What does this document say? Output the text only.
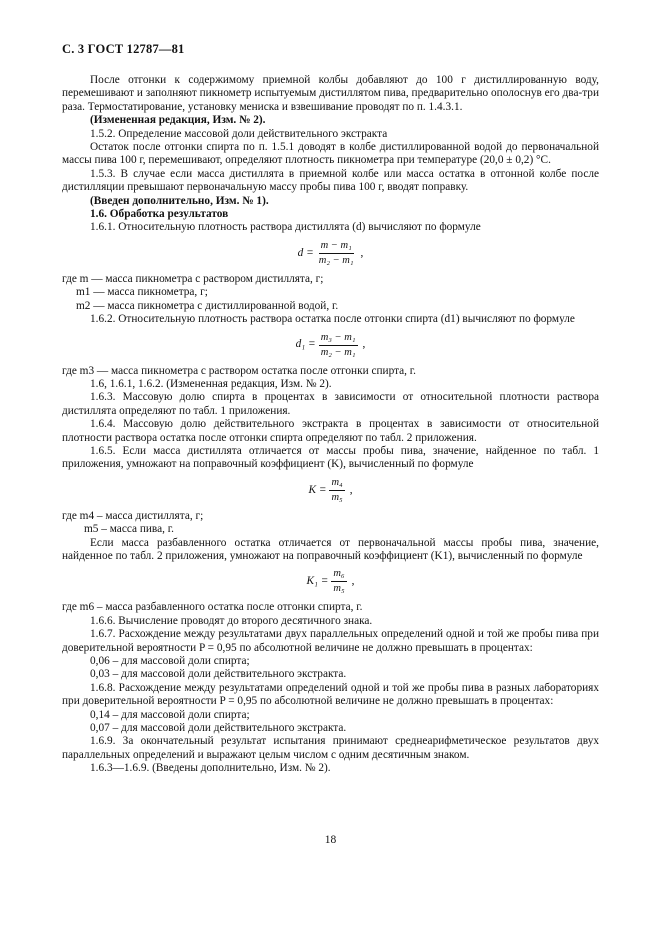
С. 3 ГОСТ 12787—81

После отгонки к содержимому приемной колбы добавляют до 100 г дистиллированную воду, перемешивают и заполняют пикнометр испытуемым дистиллятом пива, предварительно ополоснув его два-три раза. Термостатирование, установку мениска и взвешивание проводят по п. 1.4.3.1.

(Измененная редакция, Изм. № 2).

1.5.2. Определение массовой доли действительного экстракта

Остаток после отгонки спирта по п. 1.5.1 доводят в колбе дистиллированной водой до первоначальной массы пива 100 г, перемешивают, определяют плотность пикнометра при температуре (20,0 ± 0,2) °С.

1.5.3. В случае если масса дистиллята в приемной колбе или масса остатка в отгонной колбе после дистилляции превышают первоначальную массу пробы пива 100 г, вводят поправку.

(Введен дополнительно, Изм. № 1).

1.6. Обработка результатов

1.6.1. Относительную плотность раствора дистиллята (d) вычисляют по формуле

$d = \frac{\text{m − m₁}}{\text{m₂ − m₁}}$ ,

где m — масса пикнометра с раствором дистиллята, г;

m1 — масса пикнометра, г;

m2 — масса пикнометра с дистиллированной водой, г.

1.6.2. Относительную плотность раствора остатка после отгонки спирта (d1) вычисляют по формуле

$d_1 = \frac{\text{m₃ − m₁}}{\text{m₂ − m₁}}$ ,

где m3 — масса пикнометра с раствором остатка после отгонки спирта, г.

1.6, 1.6.1, 1.6.2. (Измененная редакция, Изм. № 2).

1.6.3. Массовую долю спирта в процентах в зависимости от относительной плотности раствора дистиллята определяют по табл. 1 приложения.

1.6.4. Массовую долю действительного экстракта в процентах в зависимости от относительной плотности раствора остатка после отгонки спирта определяют по табл. 2 приложения.

1.6.5. Если масса дистиллята отличается от массы пробы пива, значение, найденное по табл. 1 приложения, умножают на поправочный коэффициент (K), вычисленный по формуле

$K = \frac{\text{m₄}}{\text{m₅}}$ ,

где m4 – масса дистиллята, г;

m5 – масса пива, г.

Если масса разбавленного остатка отличается от первоначальной массы пробы пива, значение, найденное по табл. 2 приложения, умножают на поправочный коэффициент (K1), вычисленный по формуле

$K_1 = \frac{\text{m₆}}{\text{m₅}}$ ,

где m6 – масса разбавленного остатка после отгонки спирта, г.

1.6.6. Вычисление проводят до второго десятичного знака.

1.6.7. Расхождение между результатами двух параллельных определений одной и той же пробы пива при доверительной вероятности P = 0,95 по абсолютной величине не должно превышать в процентах:

0,06 – для массовой доли спирта;

0,03 – для массовой доли действительного экстракта.

1.6.8. Расхождение между результатами определений одной и той же пробы пива в разных лабораториях при доверительной вероятности P = 0,95 по абсолютной величине не должно превышать в процентах:

0,14 – для массовой доли спирта;

0,07 – для массовой доли действительного экстракта.

1.6.9. За окончательный результат испытания принимают среднеарифметическое результатов двух параллельных определений и выражают целым числом с одним десятичным знаком.

1.6.3—1.6.9. (Введены дополнительно, Изм. № 2).

18
